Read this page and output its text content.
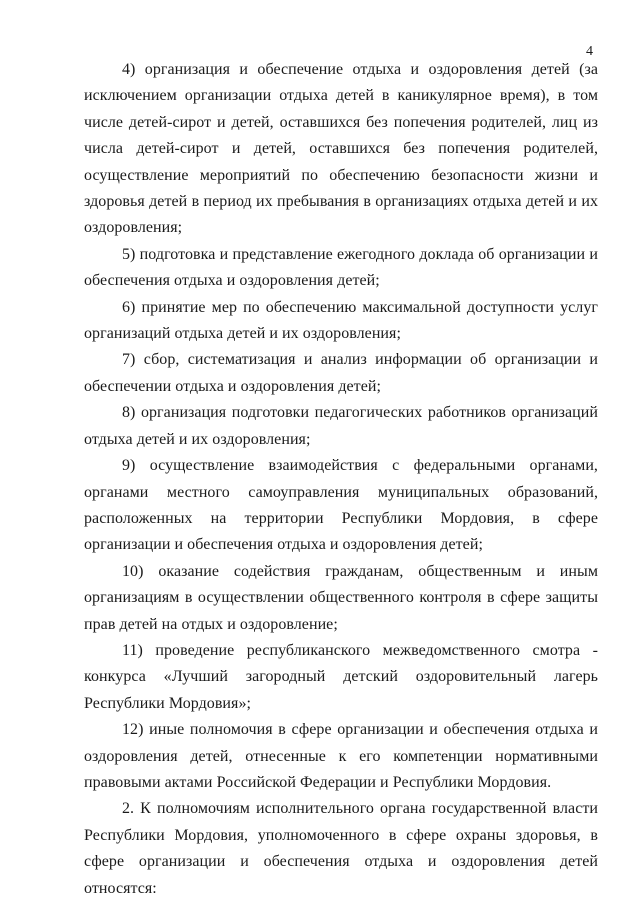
4

4) организация и обеспечение отдыха и оздоровления детей (за исключением организации отдыха детей в каникулярное время), в том числе детей-сирот и детей, оставшихся без попечения родителей, лиц из числа детей-сирот и детей, оставшихся без попечения родителей, осуществление мероприятий по обеспечению безопасности жизни и здоровья детей в период их пребывания в организациях отдыха детей и их оздоровления;

5) подготовка и представление ежегодного доклада об организации и обеспечения отдыха и оздоровления детей;

6) принятие мер по обеспечению максимальной доступности услуг организаций отдыха детей и их оздоровления;

7) сбор, систематизация и анализ информации об организации и обеспечении отдыха и оздоровления детей;

8) организация подготовки педагогических работников организаций отдыха детей и их оздоровления;

9) осуществление взаимодействия с федеральными органами, органами местного самоуправления муниципальных образований, расположенных на территории Республики Мордовия, в сфере организации и обеспечения отдыха и оздоровления детей;

10) оказание содействия гражданам, общественным и иным организациям в осуществлении общественного контроля в сфере защиты прав детей на отдых и оздоровление;

11) проведение республиканского межведомственного смотра - конкурса «Лучший загородный детский оздоровительный лагерь Республики Мордовия»;

12) иные полномочия в сфере организации и обеспечения отдыха и оздоровления детей, отнесенные к его компетенции нормативными правовыми актами Российской Федерации и Республики Мордовия.

2. К полномочиям исполнительного органа государственной власти Республики Мордовия, уполномоченного в сфере охраны здоровья, в сфере организации и обеспечения отдыха и оздоровления детей относятся:
